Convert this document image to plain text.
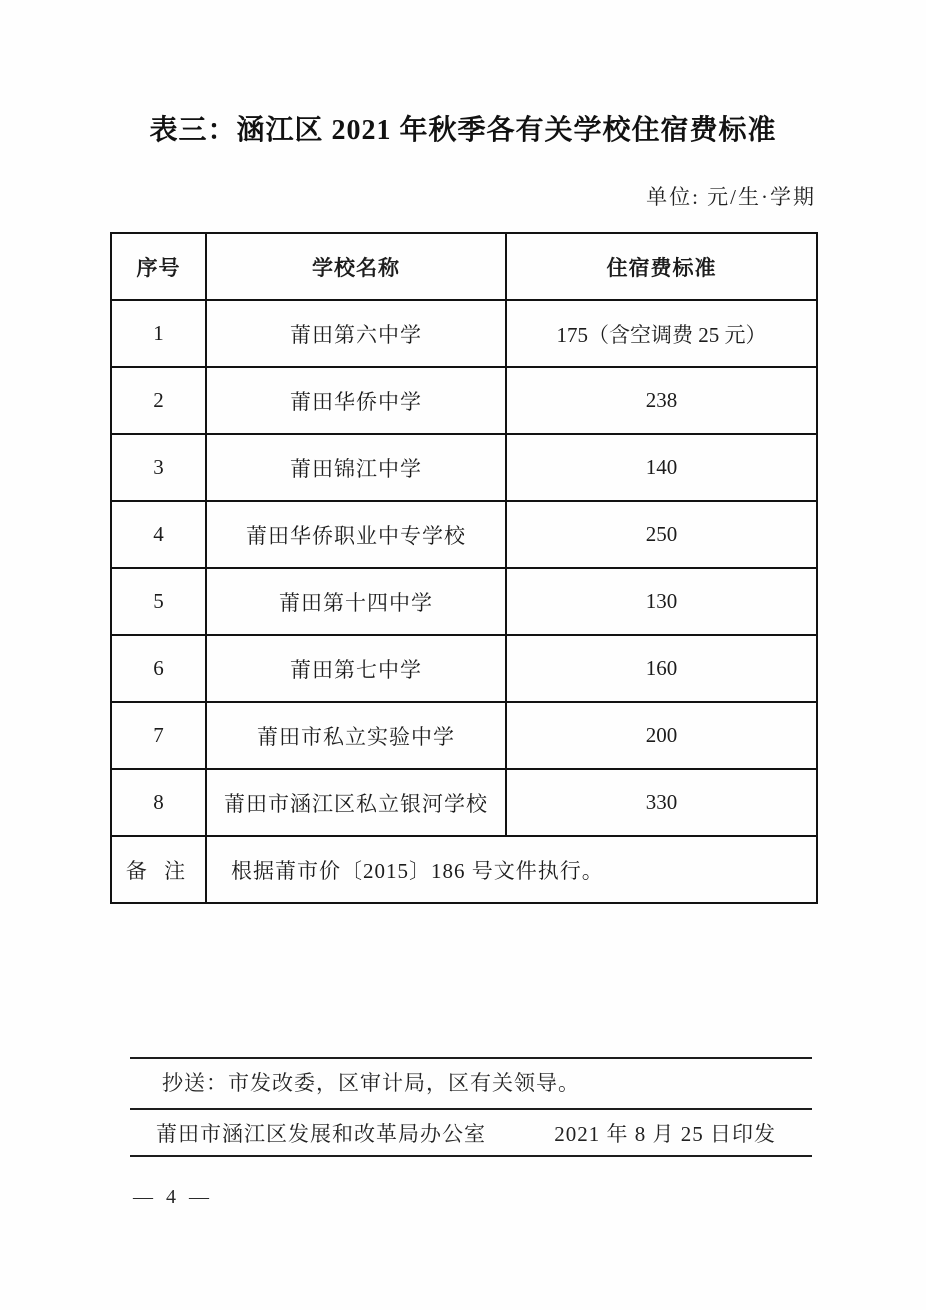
表三：涵江区 2021 年秋季各有关学校住宿费标准
单位: 元/生·学期
序号	学校名称	住宿费标准
1	莆田第六中学	175（含空调费 25 元）
2	莆田华侨中学	238
3	莆田锦江中学	140
4	莆田华侨职业中专学校	250
5	莆田第十四中学	130
6	莆田第七中学	160
7	莆田市私立实验中学	200
8	莆田市涵江区私立银河学校	330
备 注	根据莆市价〔2015〕186 号文件执行。	
抄送：市发改委，区审计局，区有关领导。
莆田市涵江区发展和改革局办公室	2021 年 8 月 25 日印发
— 4 —
